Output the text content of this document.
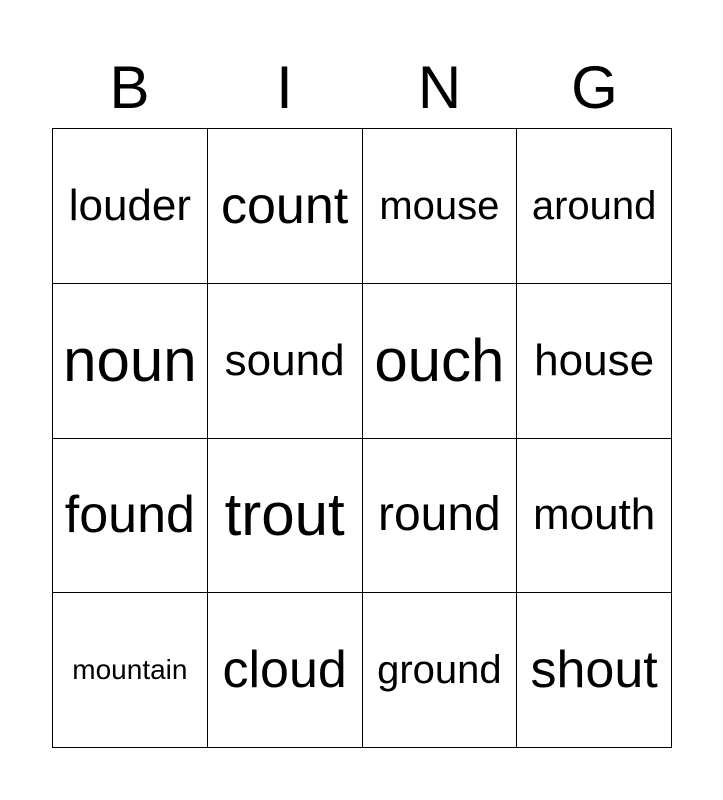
B	I	N	G
louder count mouse around
noun sound ouch house
found trout round mouth
mountain cloud ground shout
